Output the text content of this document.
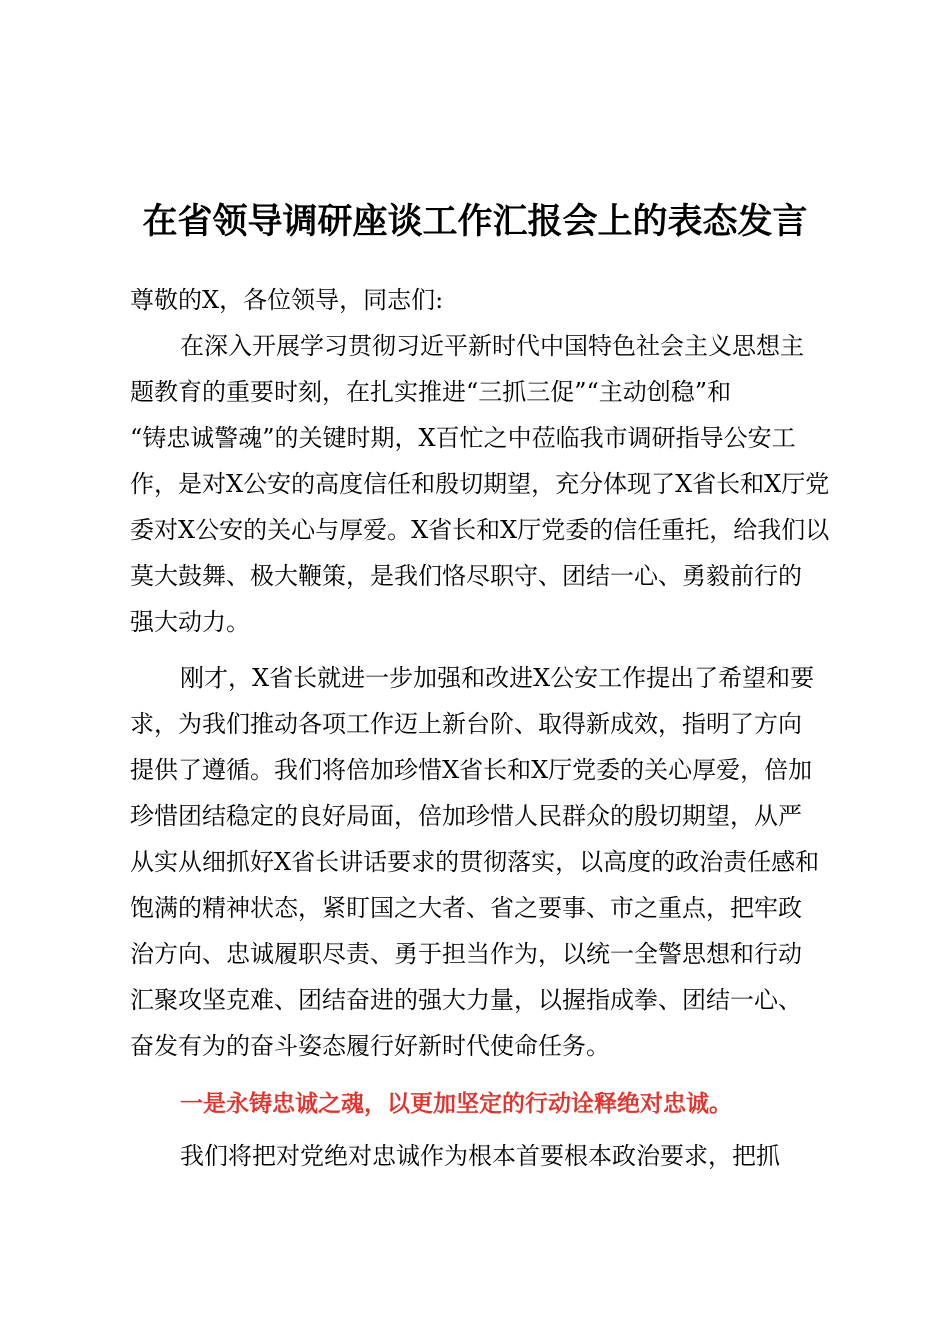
在省领导调研座谈工作汇报会上的表态发言
尊敬的X，各位领导，同志们:
在深入开展学习贯彻习近平新时代中国特色社会主义思想主
题教育的重要时刻，在扎实推进“三抓三促”“主动创稳”和
“铸忠诚警魂”的关键时期，X百忙之中莅临我市调研指导公安工
作，是对X公安的高度信任和殷切期望，充分体现了X省长和X厅党
委对X公安的关心与厚爱。X省长和X厅党委的信任重托，给我们以
莫大鼓舞、极大鞭策，是我们恪尽职守、团结一心、勇毅前行的
强大动力。
刚才，X省长就进一步加强和改进X公安工作提出了希望和要
求，为我们推动各项工作迈上新台阶、取得新成效，指明了方向
提供了遵循。我们将倍加珍惜X省长和X厅党委的关心厚爱，倍加
珍惜团结稳定的良好局面，倍加珍惜人民群众的殷切期望，从严
从实从细抓好X省长讲话要求的贯彻落实，以高度的政治责任感和
饱满的精神状态，紧盯国之大者、省之要事、市之重点，把牢政
治方向、忠诚履职尽责、勇于担当作为，以统一全警思想和行动
汇聚攻坚克难、团结奋进的强大力量，以握指成拳、团结一心、
奋发有为的奋斗姿态履行好新时代使命任务。
一是永铸忠诚之魂，以更加坚定的行动诠释绝对忠诚。
我们将把对党绝对忠诚作为根本首要根本政治要求，把抓
